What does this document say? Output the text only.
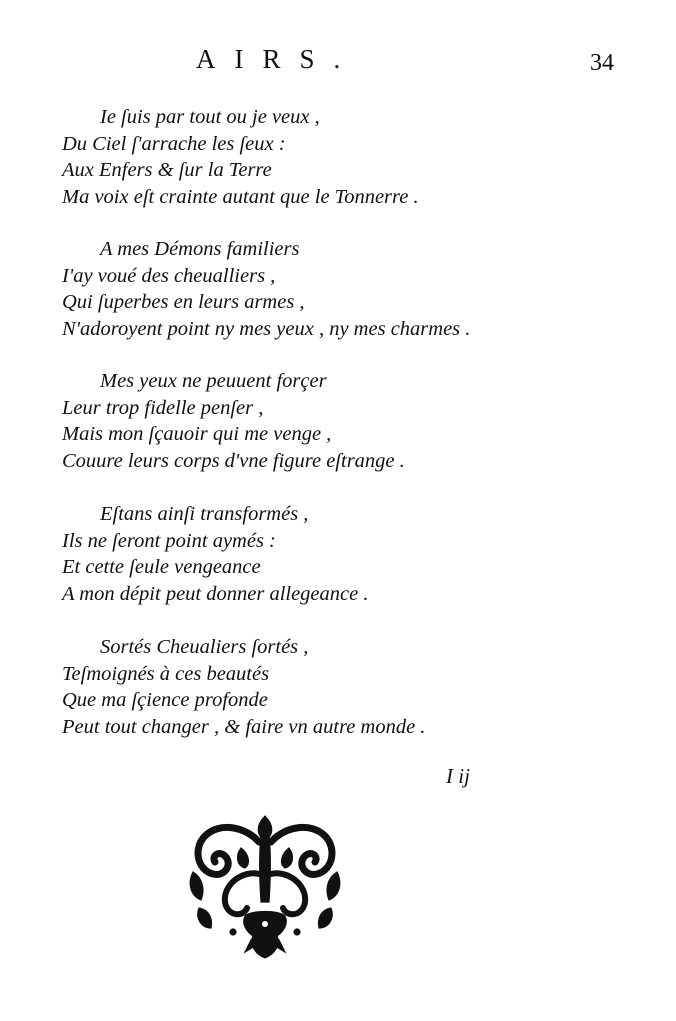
AIRS.	34
Ie ſuis par tout ou je veux ,
Du Ciel ſ'arrache les ſeux :
Aux Enfers & ſur la Terre
Ma voix eſt crainte autant que le Tonnerre .
A mes Démons familiers
I'ay voué des cheualliers ,
Qui ſuperbes en leurs armes ,
N'adoroyent point ny mes yeux , ny mes charmes .
Mes yeux ne peuuent forçer
Leur trop fidelle penſer ,
Mais mon ſçauoir qui me venge ,
Couure leurs corps d'vne figure eſtrange .
Eſtans ainſi transformés ,
Ils ne ſeront point aymés :
Et cette ſeule vengeance
A mon dépit peut donner allegeance .
Sortés Cheualiers ſortés ,
Teſmoignés à ces beautés
Que ma ſçience profonde
Peut tout changer , & faire vn autre monde .
I ij
